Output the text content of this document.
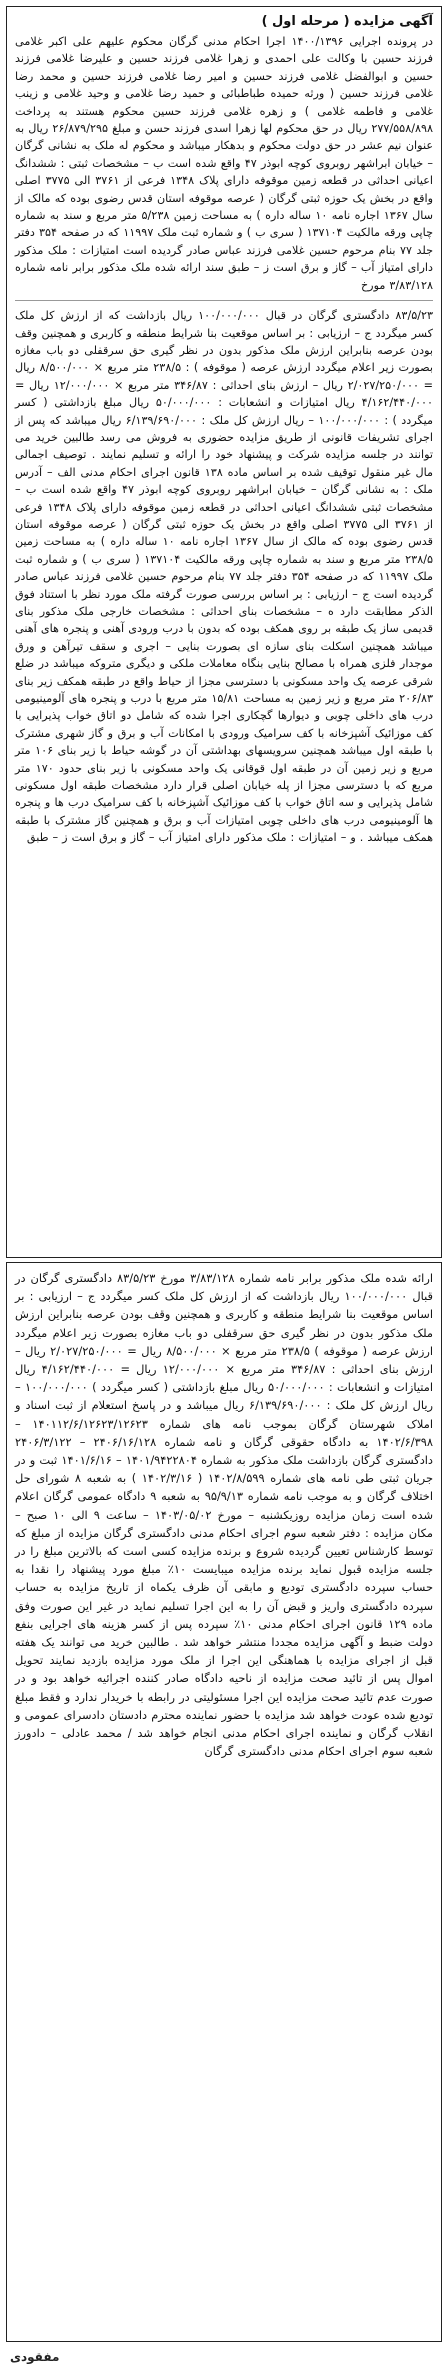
آگهی مزایده ( مرحله اول )

در پرونده اجرایی ۱۴۰۰/۱۳۹۶ اجرا احکام مدنی گرگان محکوم علیهم علی اکبر غلامی فرزند حسین با وکالت علی احمدی و زهرا غلامی فرزند حسین و علیرضا غلامی فرزند حسین و ابوالفضل غلامی فرزند حسین و امیر رضا غلامی فرزند حسین و محمد رضا غلامی فرزند حسین ( ورثه حمیده طباطبائی و حمید رضا غلامی و وحید غلامی و زینب غلامی و فاطمه غلامی ) و زهره غلامی فرزند حسین محکوم هستند به پرداخت ۲۷۷/۵۵۸/۸۹۸ ریال در حق محکوم لها زهرا اسدی فرزند حسن و مبلغ ۲۶/۸۷۹/۲۹۵ ریال به عنوان نیم عشر در حق دولت محکوم و بدهکار میباشد و محکوم له ملک به نشانی گرگان – خیابان ابراشهر روبروی کوچه ابوذر ۴۷ واقع شده است ب – مشخصات ثبتی : ششدانگ اعیانی احداثی در قطعه زمین موقوفه دارای پلاک ۱۳۴۸ فرعی از ۳۷۶۱ الی ۳۷۷۵ اصلی واقع در بخش یک حوزه ثبتی گرگان ( عرصه موقوفه استان قدس رضوی بوده که مالک از سال ۱۳۶۷ اجاره نامه ۱۰ ساله داره ) به مساحت زمین ۵/۲۳۸ متر مربع و سند به شماره چاپی ورقه مالکیت ۱۳۷۱۰۴ ( سری ب ) و شماره ثبت ملک ۱۱۹۹۷ که در صفحه ۳۵۴ دفتر جلد ۷۷ بنام مرحوم حسین غلامی فرزند عباس صادر گردیده است امتیازات : ملک مذکور دارای امتیاز آب – گاز و برق است ز – طبق سند ارائه شده ملک مذکور برابر نامه شماره ۳/۸۳/۱۲۸ مورخ

۸۳/۵/۲۳ دادگستری گرگان در قبال ۱۰۰/۰۰۰/۰۰۰ ریال بازداشت که از ارزش کل ملک کسر میگردد ج – ارزیابی : بر اساس موقعیت بنا شرایط منطقه و کاربری و همچنین وقف بودن عرصه بنابراین ارزش ملک مذکور بدون در نظر گیری حق سرقفلی دو باب مغازه بصورت زیر اعلام میگردد ارزش عرصه ( موقوفه ) : ۲۳۸/۵ متر مربع × ۸/۵۰۰/۰۰۰ ریال = ۲/۰۲۷/۲۵۰/۰۰۰ ریال – ارزش بنای احداثی : ۳۴۶/۸۷ متر مربع × ۱۲/۰۰۰/۰۰۰ ریال = ۴/۱۶۲/۴۴۰/۰۰۰ ریال امتیازات و انشعابات : ۵۰/۰۰۰/۰۰۰ ریال مبلغ بازداشتی ( کسر میگردد ) : ۱۰۰/۰۰۰/۰۰۰ – ریال ارزش کل ملک : ۶/۱۳۹/۶۹۰/۰۰۰ ریال میباشد که پس از اجرای تشریفات قانونی از طریق مزایده حضوری به فروش می رسد طالبین خرید می توانند در جلسه مزایده شرکت و پیشنهاد خود را ارائه و تسلیم نمایند . توصیف اجمالی مال غیر منقول توقیف شده بر اساس ماده ۱۳۸ قانون اجرای احکام مدنی الف – آدرس ملک : به نشانی گرگان – خیابان ابراشهر روبروی کوچه ابوذر ۴۷ واقع شده است ب – مشخصات ثبتی ششدانگ اعیانی احداثی در قطعه زمین موقوفه دارای پلاک ۱۳۴۸ فرعی از ۳۷۶۱ الی ۳۷۷۵ اصلی واقع در بخش یک حوزه ثبتی گرگان ( عرصه موقوفه استان قدس رضوی بوده که مالک از سال ۱۳۶۷ اجاره نامه ۱۰ ساله داره ) به مساحت زمین ۲۳۸/۵ متر مربع و سند به شماره چاپی ورقه مالکیت ۱۳۷۱۰۴ ( سری ب ) و شماره ثبت ملک ۱۱۹۹۷ که در صفحه ۳۵۴ دفتر جلد ۷۷ بنام مرحوم حسین غلامی فرزند عباس صادر گردیده است ج – ارزیابی : بر اساس بررسی صورت گرفته ملک مورد نظر با استناد فوق الذکر مطابقت دارد ه – مشخصات بنای احداثی : مشخصات خارجی ملک مذکور بنای قدیمی ساز یک طبقه بر روی همکف بوده که بدون با درب ورودی آهنی و پنجره های آهنی میباشد همچنین اسکلت بنای سازه ای بصورت بنایی – اجری و سقف تیرآهن و ورق موجدار فلزی همراه با مصالح بنایی بنگاه معاملات ملکی و دیگری متروکه میباشد در ضلع شرقی عرصه یک واحد مسکونی با دسترسی مجزا از حیاط واقع در طبقه همکف زیر بنای ۲۰۶/۸۳ متر مربع و زیر زمین به مساحت ۱۵/۸۱ متر مربع با درب و پنجره های آلومینیومی درب های داخلی چوبی و دیوارها گچکاری اجرا شده که شامل دو اتاق خواب پذیرایی با کف موزائیک آشپزخانه با کف سرامیک ورودی با امکانات آب و برق و گاز شهری مشترک با طبقه اول میباشد همچنین سرویسهای بهداشتی آن در گوشه حیاط با زیر بنای ۱۰۶ متر مربع و زیر زمین آن در طبقه اول قوقانی یک واحد مسکونی با زیر بنای حدود ۱۷۰ متر مربع که با دسترسی مجزا از پله خیابان اصلی قرار دارد مشخصات طبقه اول مسکونی شامل پذیرایی و سه اتاق خواب با کف موزائیک آشپزخانه با کف سرامیک درب ها و پنجره ها آلومینیومی درب های داخلی چوبی امتیازات آب و برق و همچنین گاز مشترک با طبقه همکف میباشد . و – امتیازات : ملک مذکور دارای امتیاز آب – گاز و برق است ز – طبق

ارائه شده ملک مذکور برابر نامه شماره ۳/۸۳/۱۲۸ مورخ ۸۳/۵/۲۳ دادگستری گرگان در قبال ۱۰۰/۰۰۰/۰۰۰ ریال بازداشت که از ارزش کل ملک کسر میگردد ج – ارزیابی : بر اساس موقعیت بنا شرایط منطقه و کاربری و همچنین وقف بودن عرصه بنابراین ارزش ملک مذکور بدون در نظر گیری حق سرقفلی دو باب مغازه بصورت زیر اعلام میگردد ارزش عرصه ( موقوفه ) ۲۳۸/۵ متر مربع × ۸/۵۰۰/۰۰۰ ریال = ۲/۰۲۷/۲۵۰/۰۰۰ ریال – ارزش بنای احداثی : ۳۴۶/۸۷ متر مربع × ۱۲/۰۰۰/۰۰۰ ریال = ۴/۱۶۲/۴۴۰/۰۰۰ ریال امتیازات و انشعابات : ۵۰/۰۰۰/۰۰۰ ریال مبلغ بازداشتی ( کسر میگردد ) ۱۰۰/۰۰۰/۰۰۰ – ریال ارزش کل ملک : ۶/۱۳۹/۶۹۰/۰۰۰ ریال میباشد و در پاسخ استعلام از ثبت اسناد و املاک شهرستان گرگان بموجب نامه های شماره ۱۴۰۱۱۲/۶/۱۲۶۲۳/۱۲۶۲۳ – ۱۴۰۲/۶/۳۹۸ به دادگاه حقوقی گرگان و نامه شماره ۲۴۰۶/۱۶/۱۲۸ – ۲۴۰۶/۳/۱۲۲ دادگستری گرگان بازداشت ملک مذکور به شماره ۱۴۰۱/۹۴۲۲۸۰۴ – ۱۴۰۱/۶/۱۶ ثبت و در جریان ثبتی طی نامه های شماره ۱۴۰۲/۸/۵۹۹ ( ۱۴۰۲/۳/۱۶ ) به شعبه ۸ شورای حل اختلاف گرگان و به موجب نامه شماره ۹۵/۹/۱۳ به شعبه ۹ دادگاه عمومی گرگان اعلام شده است زمان مزایده روزیکشنبه – مورخ ۱۴۰۳/۰۵/۰۲ – ساعت ۹ الی ۱۰ صبح – مکان مزایده : دفتر شعبه سوم اجرای احکام مدنی دادگستری گرگان مزایده از مبلغ که توسط کارشناس تعیین گردیده شروع و برنده مزایده کسی است که بالاترین مبلغ را در جلسه مزایده قبول نماید برنده مزایده میبایست ۱۰٪ مبلغ مورد پیشنهاد را نقدا به حساب سپرده دادگستری تودیع و مابقی آن ظرف یکماه از تاریخ مزایده به حساب سپرده دادگستری واریز و قبض آن را به این اجرا تسلیم نماید در غیر این صورت وفق ماده ۱۲۹ قانون اجرای احکام مدنی ۱۰٪ سپرده پس از کسر هزینه های اجرایی بنفع دولت ضبط و آگهی مزایده مجددا منتشر خواهد شد . طالبین خرید می توانند یک هفته قبل از اجرای مزایده با هماهنگی این اجرا از ملک مورد مزایده بازدید نمایند تحویل اموال پس از تائید صحت مزایده از ناحیه دادگاه صادر کننده اجرائیه خواهد بود و در صورت عدم تائید صحت مزایده این اجرا مسئولیتی در رابطه با خریدار ندارد و فقط مبلغ تودیع شده عودت خواهد شد مزایده با حضور نماینده محترم دادستان دادسرای عمومی و انقلاب گرگان و نماینده اجرای احکام مدنی انجام خواهد شد / محمد عادلی – دادورز شعبه سوم اجرای احکام مدنی دادگستری گرگان

مفقودی
